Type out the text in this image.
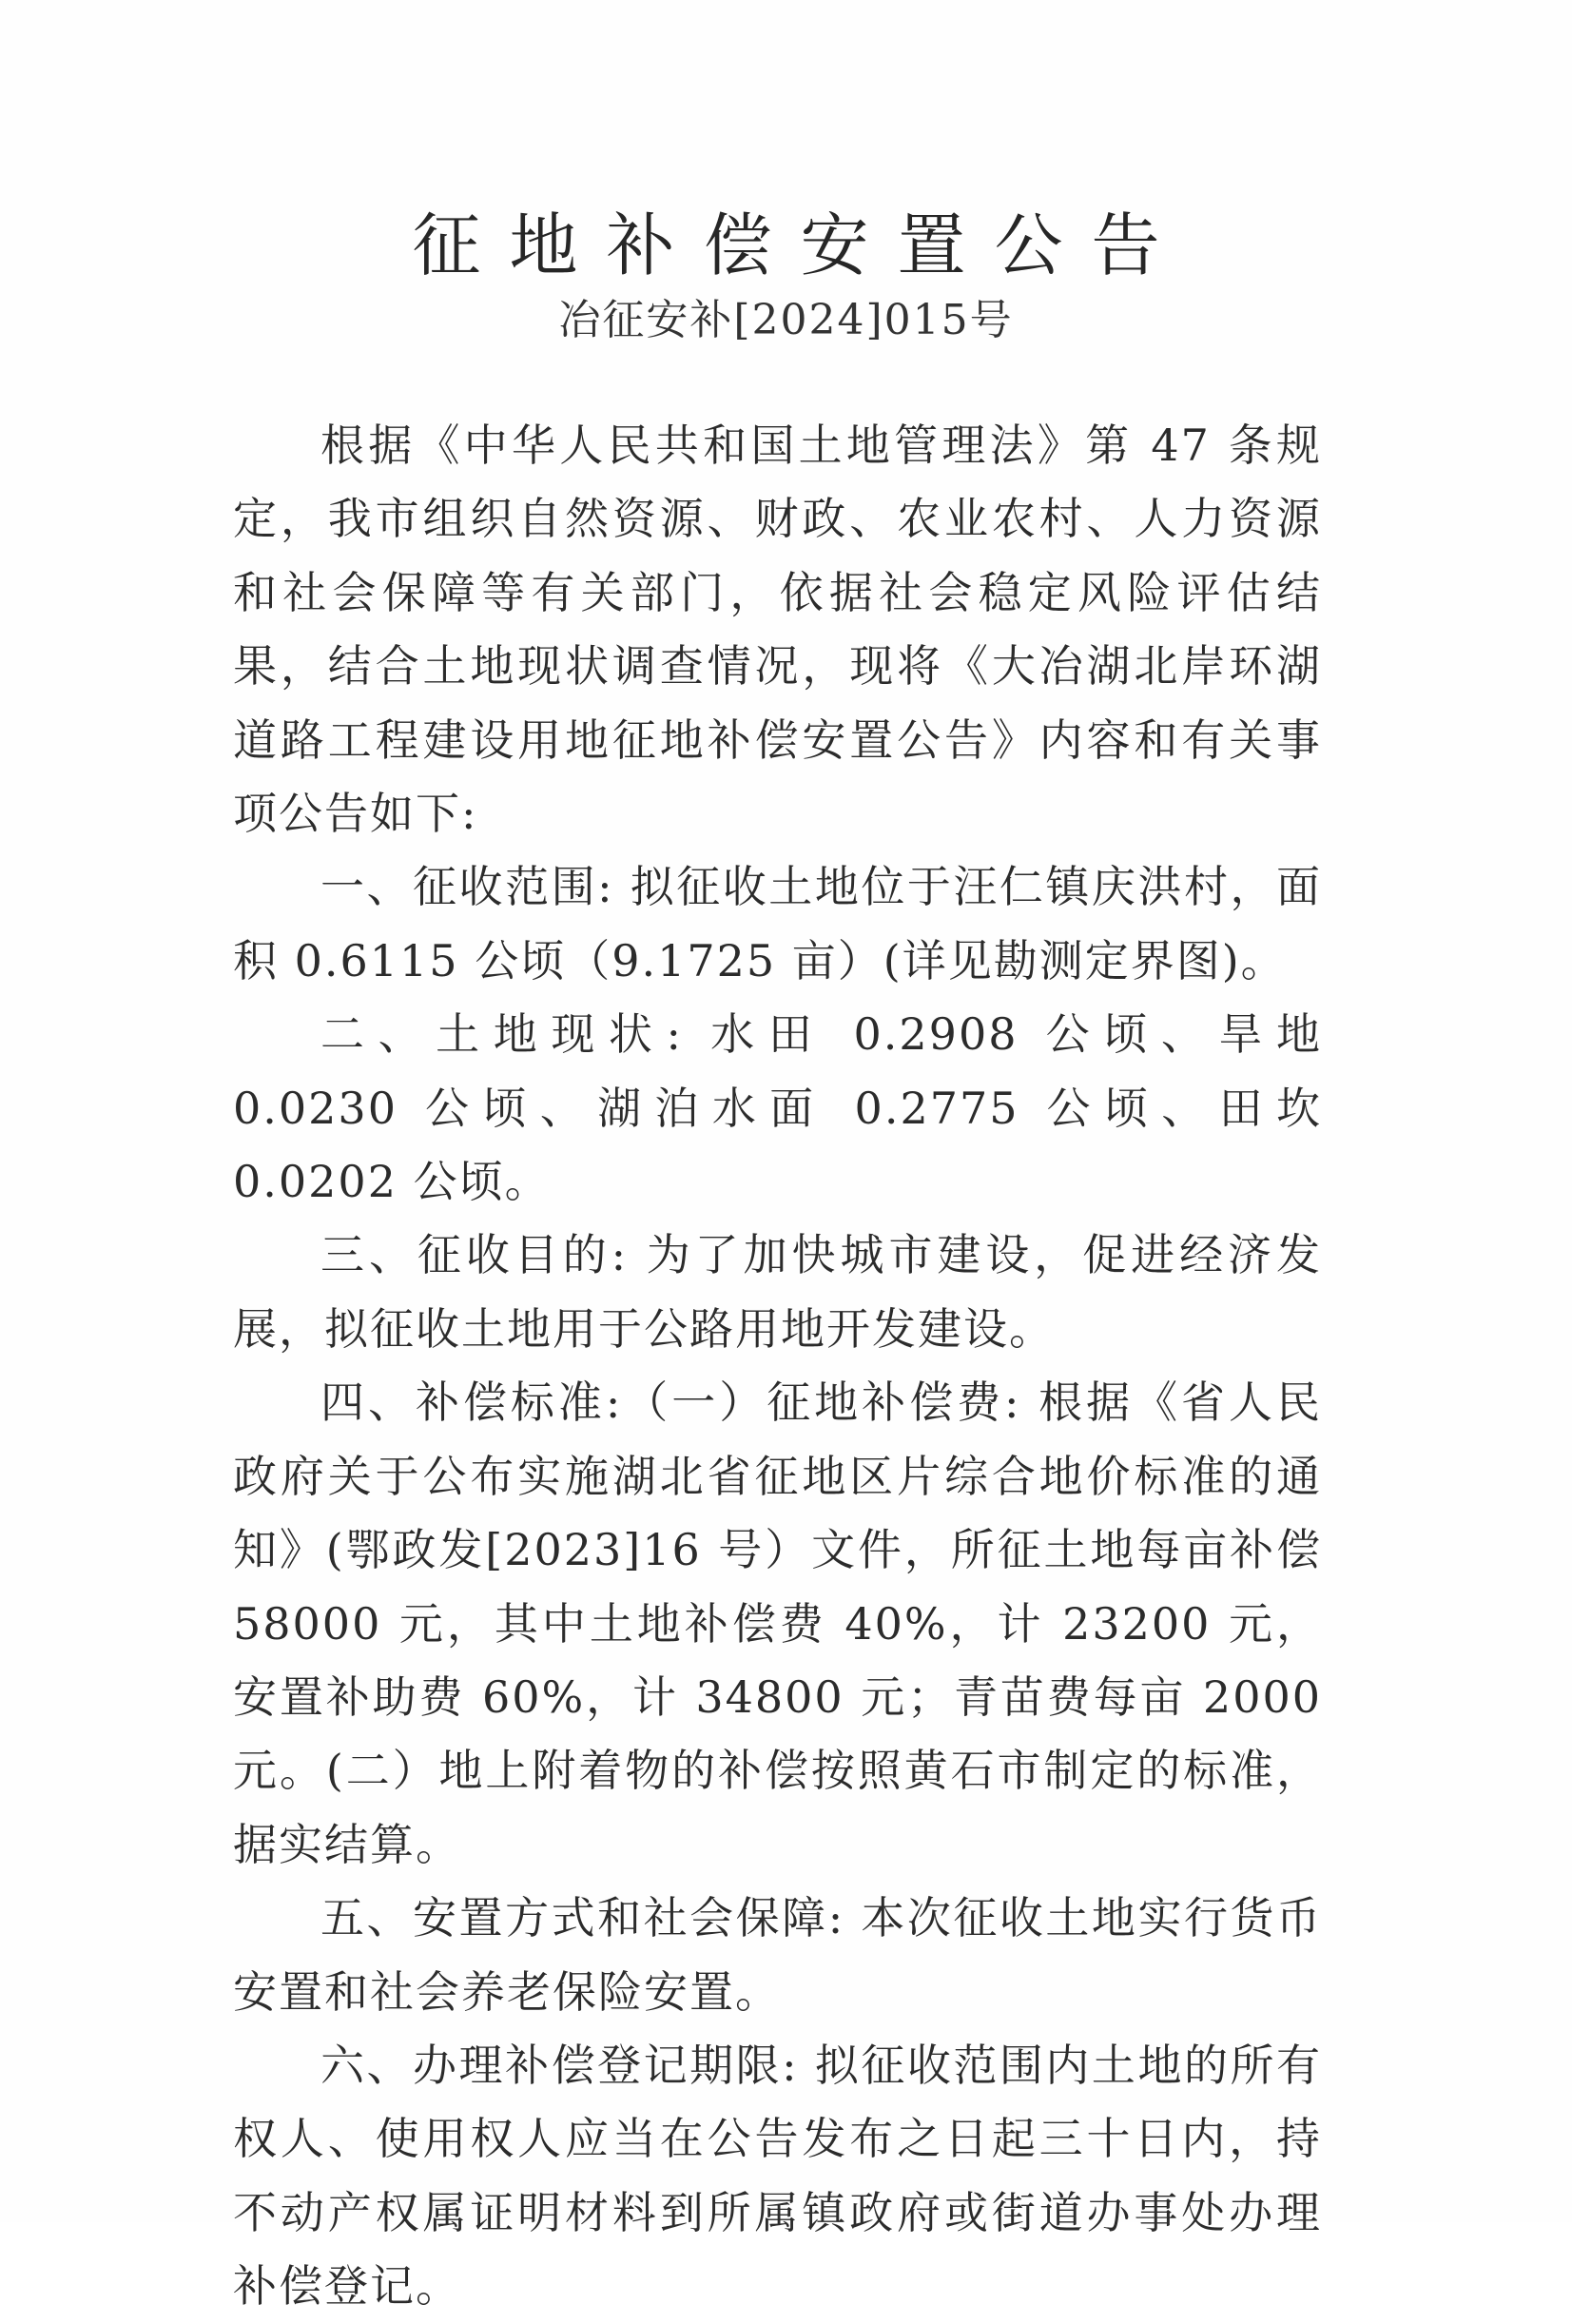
征地补偿安置公告
冶征安补[2024]015号

根据《中华人民共和国土地管理法》第 47 条规定，我市组织自然资源、财政、农业农村、人力资源和社会保障等有关部门，依据社会稳定风险评估结果，结合土地现状调查情况，现将《大冶湖北岸环湖道路工程建设用地征地补偿安置公告》内容和有关事项公告如下:

一、征收范围: 拟征收土地位于汪仁镇庆洪村，面积 0.6115 公顷（9.1725 亩）(详见勘测定界图)。

二、土地现状: 水田 0.2908 公顷、旱地 0.0230 公顷、湖泊水面 0.2775 公顷、田坎 0.0202 公顷。

三、征收目的: 为了加快城市建设，促进经济发展，拟征收土地用于公路用地开发建设。

四、补偿标准:（一）征地补偿费: 根据《省人民政府关于公布实施湖北省征地区片综合地价标准的通知》(鄂政发[2023]16 号）文件，所征土地每亩补偿 58000 元，其中土地补偿费 40%，计 23200 元，安置补助费 60%，计 34800 元；青苗费每亩 2000 元。(二）地上附着物的补偿按照黄石市制定的标准，据实结算。

五、安置方式和社会保障: 本次征收土地实行货币安置和社会养老保险安置。

六、办理补偿登记期限: 拟征收范围内土地的所有权人、使用权人应当在公告发布之日起三十日内，持不动产权属证明材料到所属镇政府或街道办事处办理补偿登记。
